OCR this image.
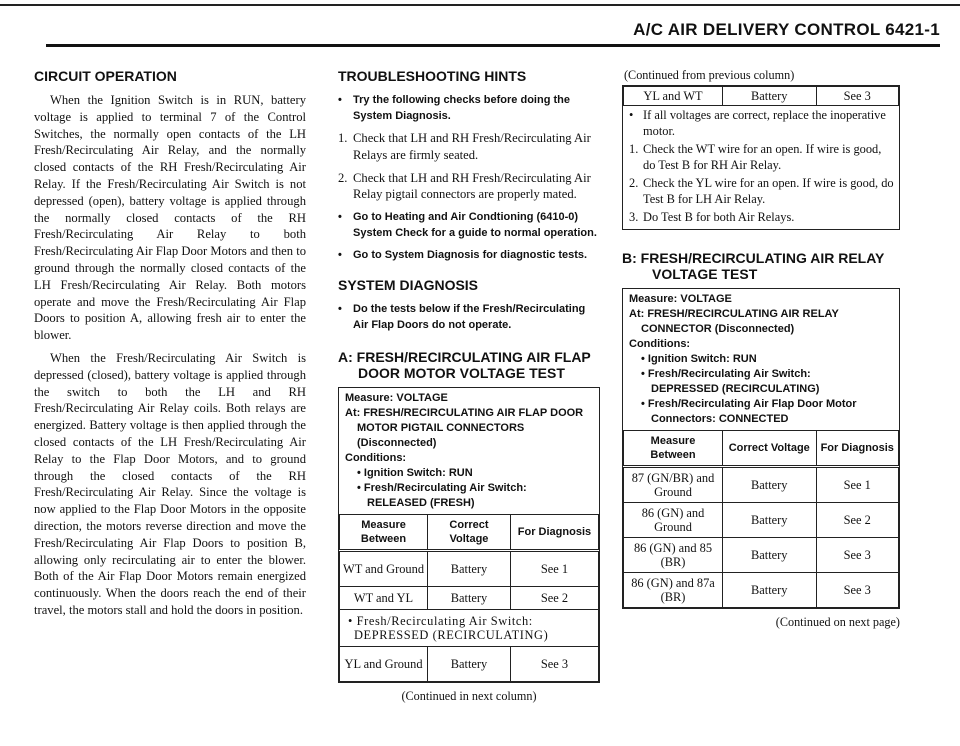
A/C AIR DELIVERY CONTROL 6421-1
CIRCUIT OPERATION

When the Ignition Switch is in RUN, battery voltage is applied to terminal 7 of the Control Switches, the normally open contacts of the LH Fresh/Recirculating Air Relay, and the normally closed contacts of the RH Fresh/Recirculating Air Relay. If the Fresh/Recirculating Air Switch is not depressed (open), battery voltage is applied through the normally closed contacts of the RH Fresh/Recirculating Air Relay to both Fresh/Recirculating Air Flap Door Motors and then to ground through the normally closed contacts of the LH Fresh/Recirculating Air Relay. Both motors operate and move the Fresh/Recirculating Air Flap Doors to position A, allowing fresh air to enter the blower.

When the Fresh/Recirculating Air Switch is depressed (closed), battery voltage is applied through the switch to both the LH and RH Fresh/Recirculating Air Relay coils. Both relays are energized. Battery voltage is then applied through the closed contacts of the LH Fresh/Recirculating Air Relay to the Flap Door Motors, and to ground through the closed contacts of the RH Fresh/Recirculating Air Relay. Since the voltage is now applied to the Flap Door Motors in the opposite direction, the motors reverse direction and move the Fresh/Recirculating Air Flap Doors to position B, allowing only recirculating air to enter the blower. Both of the Air Flap Door Motors remain energized continuously. When the doors reach the end of their travel, the motors stall and hold the doors in position.

TROUBLESHOOTING HINTS
• Try the following checks before doing the System Diagnosis.
1. Check that LH and RH Fresh/Recirculating Air Relays are firmly seated.
2. Check that LH and RH Fresh/Recirculating Air Relay pigtail connectors are properly mated.
• Go to Heating and Air Condtioning (6410-0) System Check for a guide to normal operation.
• Go to System Diagnosis for diagnostic tests.
SYSTEM DIAGNOSIS
• Do the tests below if the Fresh/Recirculating Air Flap Doors do not operate.
A: FRESH/RECIRCULATING AIR FLAP
DOOR MOTOR VOLTAGE TEST
Measure: VOLTAGE
At: FRESH/RECIRCULATING AIR FLAP DOOR
MOTOR PIGTAIL CONNECTORS
(Disconnected)
Conditions:
• Ignition Switch: RUN
• Fresh/Recirculating Air Switch:
RELEASED (FRESH)
Measure Between	Correct Voltage	For Diagnosis
WT and Ground	Battery	See 1
WT and YL	Battery	See 2

• Fresh/Recirculating Air Switch:
DEPRESSED (RECIRCULATING)		

YL and Ground	Battery	See 3
(Continued in next column)
(Continued from previous column)
YL and WT	Battery	See 3
• If all voltages are correct, replace the inoperative motor.
1. Check the WT wire for an open. If wire is good, do Test B for RH Air Relay.
2. Check the YL wire for an open. If wire is good, do Test B for LH Air Relay.
3. Do Test B for both Air Relays.
B: FRESH/RECIRCULATING AIR RELAY
VOLTAGE TEST
Measure: VOLTAGE
At: FRESH/RECIRCULATING AIR RELAY
CONNECTOR (Disconnected)
Conditions:
• Ignition Switch: RUN
• Fresh/Recirculating Air Switch:
DEPRESSED (RECIRCULATING)
• Fresh/Recirculating Air Flap Door Motor
Connectors: CONNECTED
Measure Between	Correct Voltage	For Diagnosis
87 (GN/BR) and Ground	Battery	See 1
86 (GN) and Ground	Battery	See 2
86 (GN) and 85 (BR)	Battery	See 3
86 (GN) and 87a (BR)	Battery	See 3
(Continued on next page)
